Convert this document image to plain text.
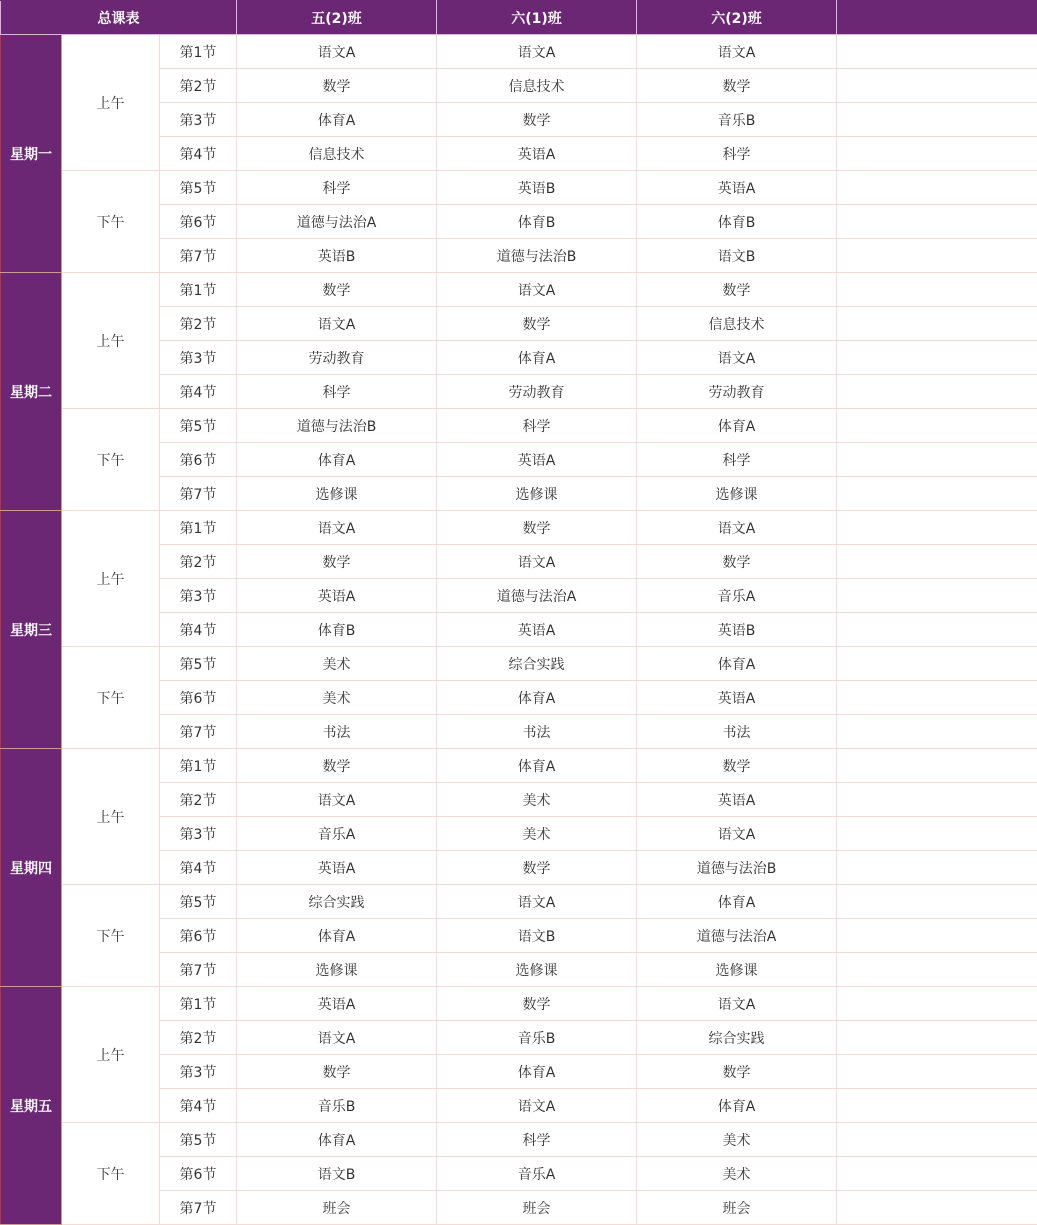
总课表			五(2)班	六(1)班	六(2)班	
星期一	上午	第1节	语文A	语文A	语文A	
		第2节	数学	信息技术	数学	
		第3节	体育A	数学	音乐B	
		第4节	信息技术	英语A	科学	
	下午	第5节	科学	英语B	英语A	
		第6节	道德与法治A	体育B	体育B	
		第7节	英语B	道德与法治B	语文B	
星期二	上午	第1节	数学	语文A	数学	
		第2节	语文A	数学	信息技术	
		第3节	劳动教育	体育A	语文A	
		第4节	科学	劳动教育	劳动教育	
	下午	第5节	道德与法治B	科学	体育A	
		第6节	体育A	英语A	科学	
		第7节	选修课	选修课	选修课	
星期三	上午	第1节	语文A	数学	语文A	
		第2节	数学	语文A	数学	
		第3节	英语A	道德与法治A	音乐A	
		第4节	体育B	英语A	英语B	
	下午	第5节	美术	综合实践	体育A	
		第6节	美术	体育A	英语A	
		第7节	书法	书法	书法	
星期四	上午	第1节	数学	体育A	数学	
		第2节	语文A	美术	英语A	
		第3节	音乐A	美术	语文A	
		第4节	英语A	数学	道德与法治B	
	下午	第5节	综合实践	语文A	体育A	
		第6节	体育A	语文B	道德与法治A	
		第7节	选修课	选修课	选修课	
星期五	上午	第1节	英语A	数学	语文A	
		第2节	语文A	音乐B	综合实践	
		第3节	数学	体育A	数学	
		第4节	音乐B	语文A	体育A	
	下午	第5节	体育A	科学	美术	
		第6节	语文B	音乐A	美术	
		第7节	班会	班会	班会	
